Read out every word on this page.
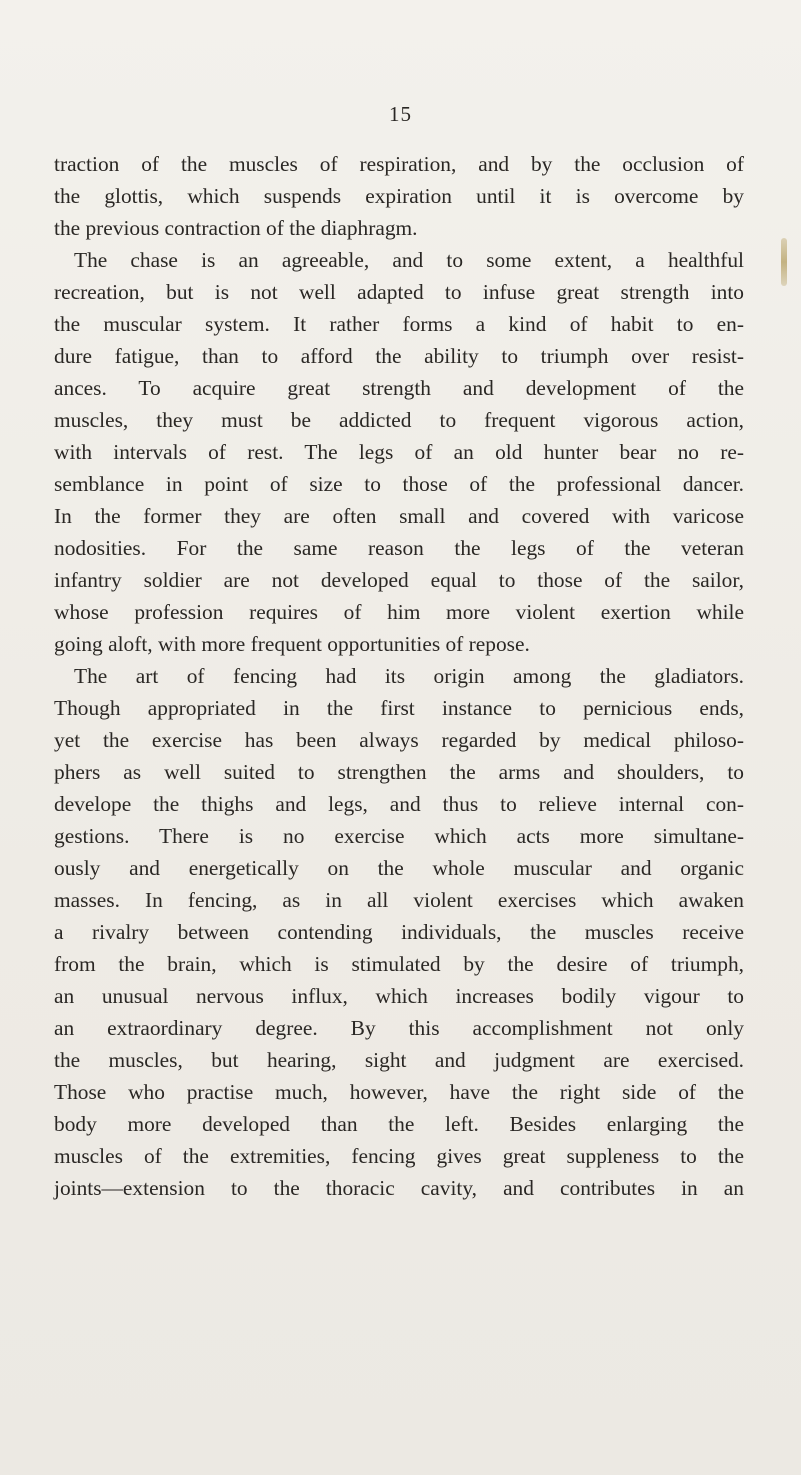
15
traction of the muscles of respiration, and by the occlusion of
the glottis, which suspends expiration until it is overcome by
the previous contraction of the diaphragm.
The chase is an agreeable, and to some extent, a healthful
recreation, but is not well adapted to infuse great strength into
the muscular system. It rather forms a kind of habit to en-
dure fatigue, than to afford the ability to triumph over resist-
ances. To acquire great strength and development of the
muscles, they must be addicted to frequent vigorous action,
with intervals of rest. The legs of an old hunter bear no re-
semblance in point of size to those of the professional dancer.
In the former they are often small and covered with varicose
nodosities. For the same reason the legs of the veteran
infantry soldier are not developed equal to those of the sailor,
whose profession requires of him more violent exertion while
going aloft, with more frequent opportunities of repose.
The art of fencing had its origin among the gladiators.
Though appropriated in the first instance to pernicious ends,
yet the exercise has been always regarded by medical philoso-
phers as well suited to strengthen the arms and shoulders, to
develope the thighs and legs, and thus to relieve internal con-
gestions. There is no exercise which acts more simultane-
ously and energetically on the whole muscular and organic
masses. In fencing, as in all violent exercises which awaken
a rivalry between contending individuals, the muscles receive
from the brain, which is stimulated by the desire of triumph,
an unusual nervous influx, which increases bodily vigour to
an extraordinary degree. By this accomplishment not only
the muscles, but hearing, sight and judgment are exercised.
Those who practise much, however, have the right side of the
body more developed than the left. Besides enlarging the
muscles of the extremities, fencing gives great suppleness to the
joints—extension to the thoracic cavity, and contributes in an
